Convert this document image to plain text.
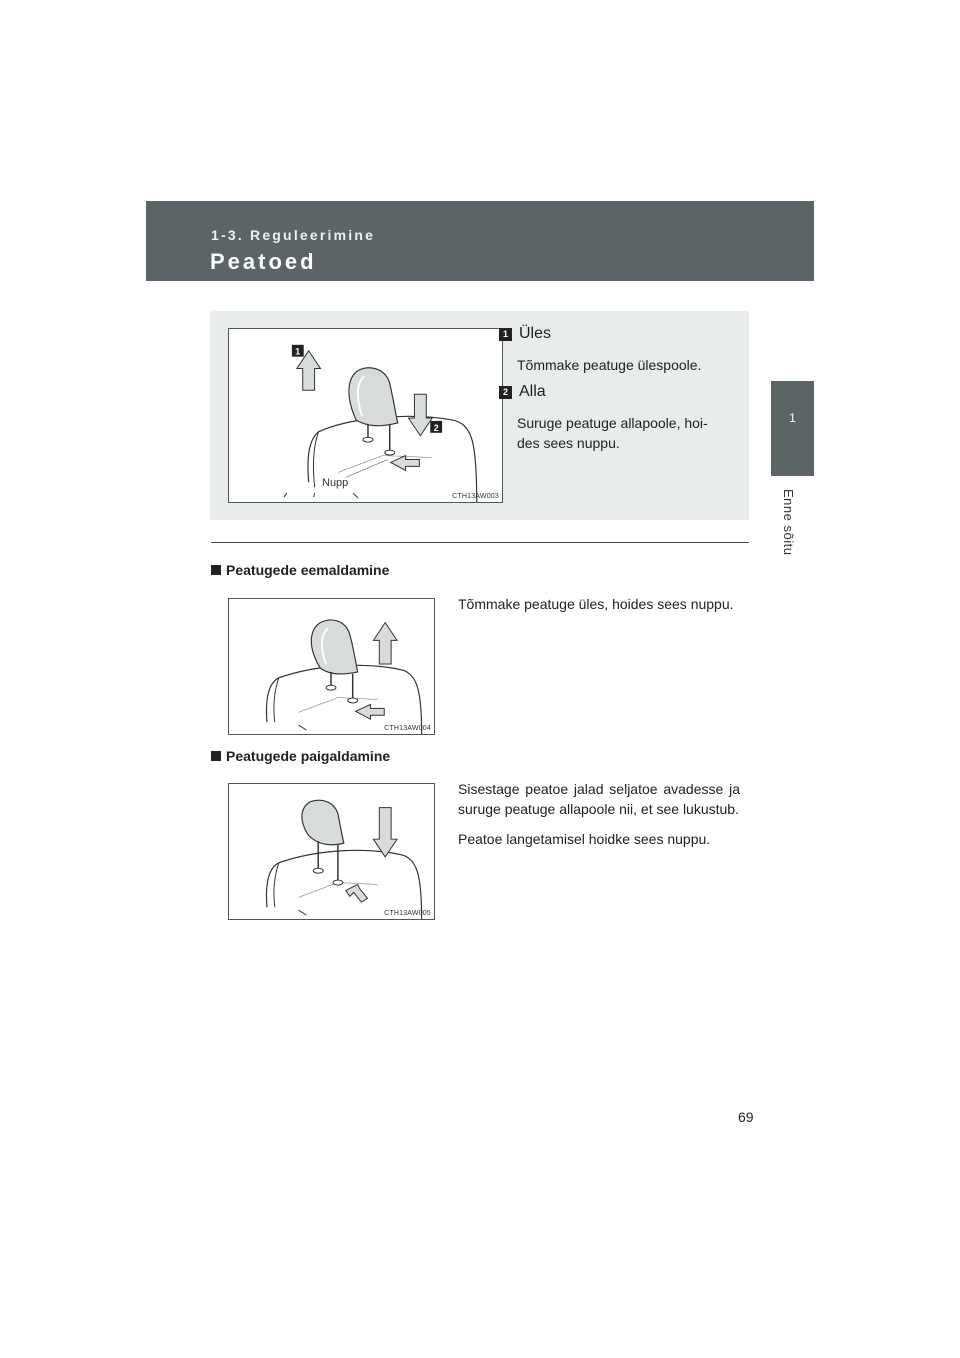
1-3. Reguleerimine
Peatoed
1
Enne sõitu
1
2
Nupp
CTH13AW003
1 Üles
Tõmmake peatuge ülespoole.
2 Alla
Suruge peatuge allapoole, hoi-
des sees nuppu.
Peatugede eemaldamine
CTH13AW004

Tõmmake peatuge üles, hoides sees nuppu.

Peatugede paigaldamine
CTH13AW005

Sisestage peatoe jalad seljatoe avadesse ja suruge peatuge allapoole nii, et see lukustub.

Peatoe langetamisel hoidke sees nuppu.

69
